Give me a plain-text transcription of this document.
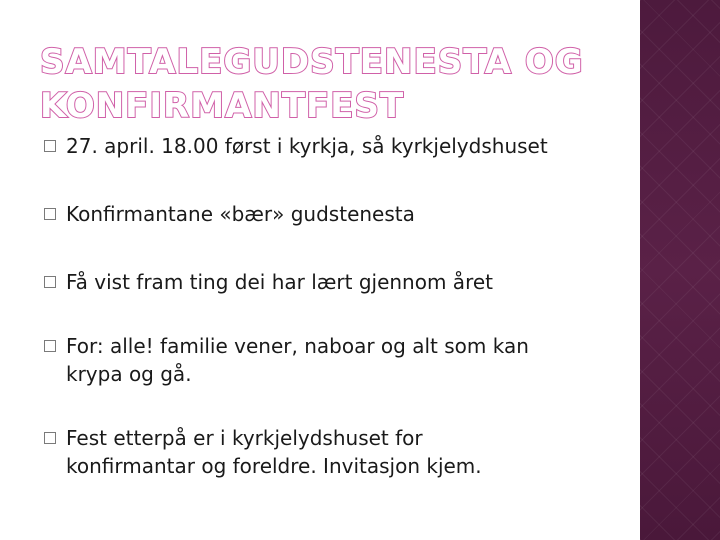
SAMTALEGUDSTENESTA OG
KONFIRMANTFEST
27. april. 18.00 først i kyrkja, så kyrkjelydshuset
Konfirmantane «bær» gudstenesta
Få vist fram ting dei har lært gjennom året
For: alle! familie vener, naboar og alt som kan
krypa og gå.
Fest etterpå er i kyrkjelydshuset for
konfirmantar og foreldre. Invitasjon kjem.
